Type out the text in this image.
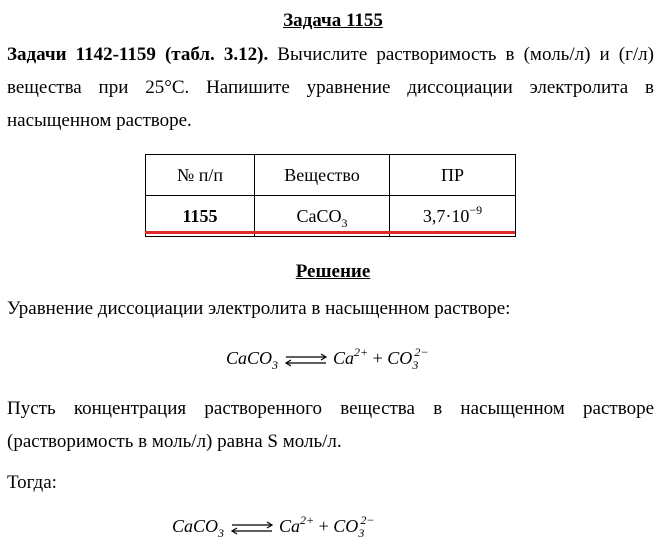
Задача 1155
Задачи 1142-1159 (табл. 3.12). Вычислите растворимость в (моль/л) и (г/л) вещества при 25°C. Напишите уравнение диссоциации электролита в насыщенном растворе.
№ п/п	Вещество	ПР
1155	CaCO$_3$	$3,7\cdot 10^{-9}$
Решение
Уравнение диссоциации электролита в насыщенном растворе:
CaCO$_3$ ⇌ $Ca^{2+} + CO_3^{2-}$
Пусть концентрация растворенного вещества в насыщенном растворе (растворимость в моль/л) равна S моль/л.
Тогда:
CaCO$_3$ ⇌ $Ca^{2+} + CO_3^{2-}$
